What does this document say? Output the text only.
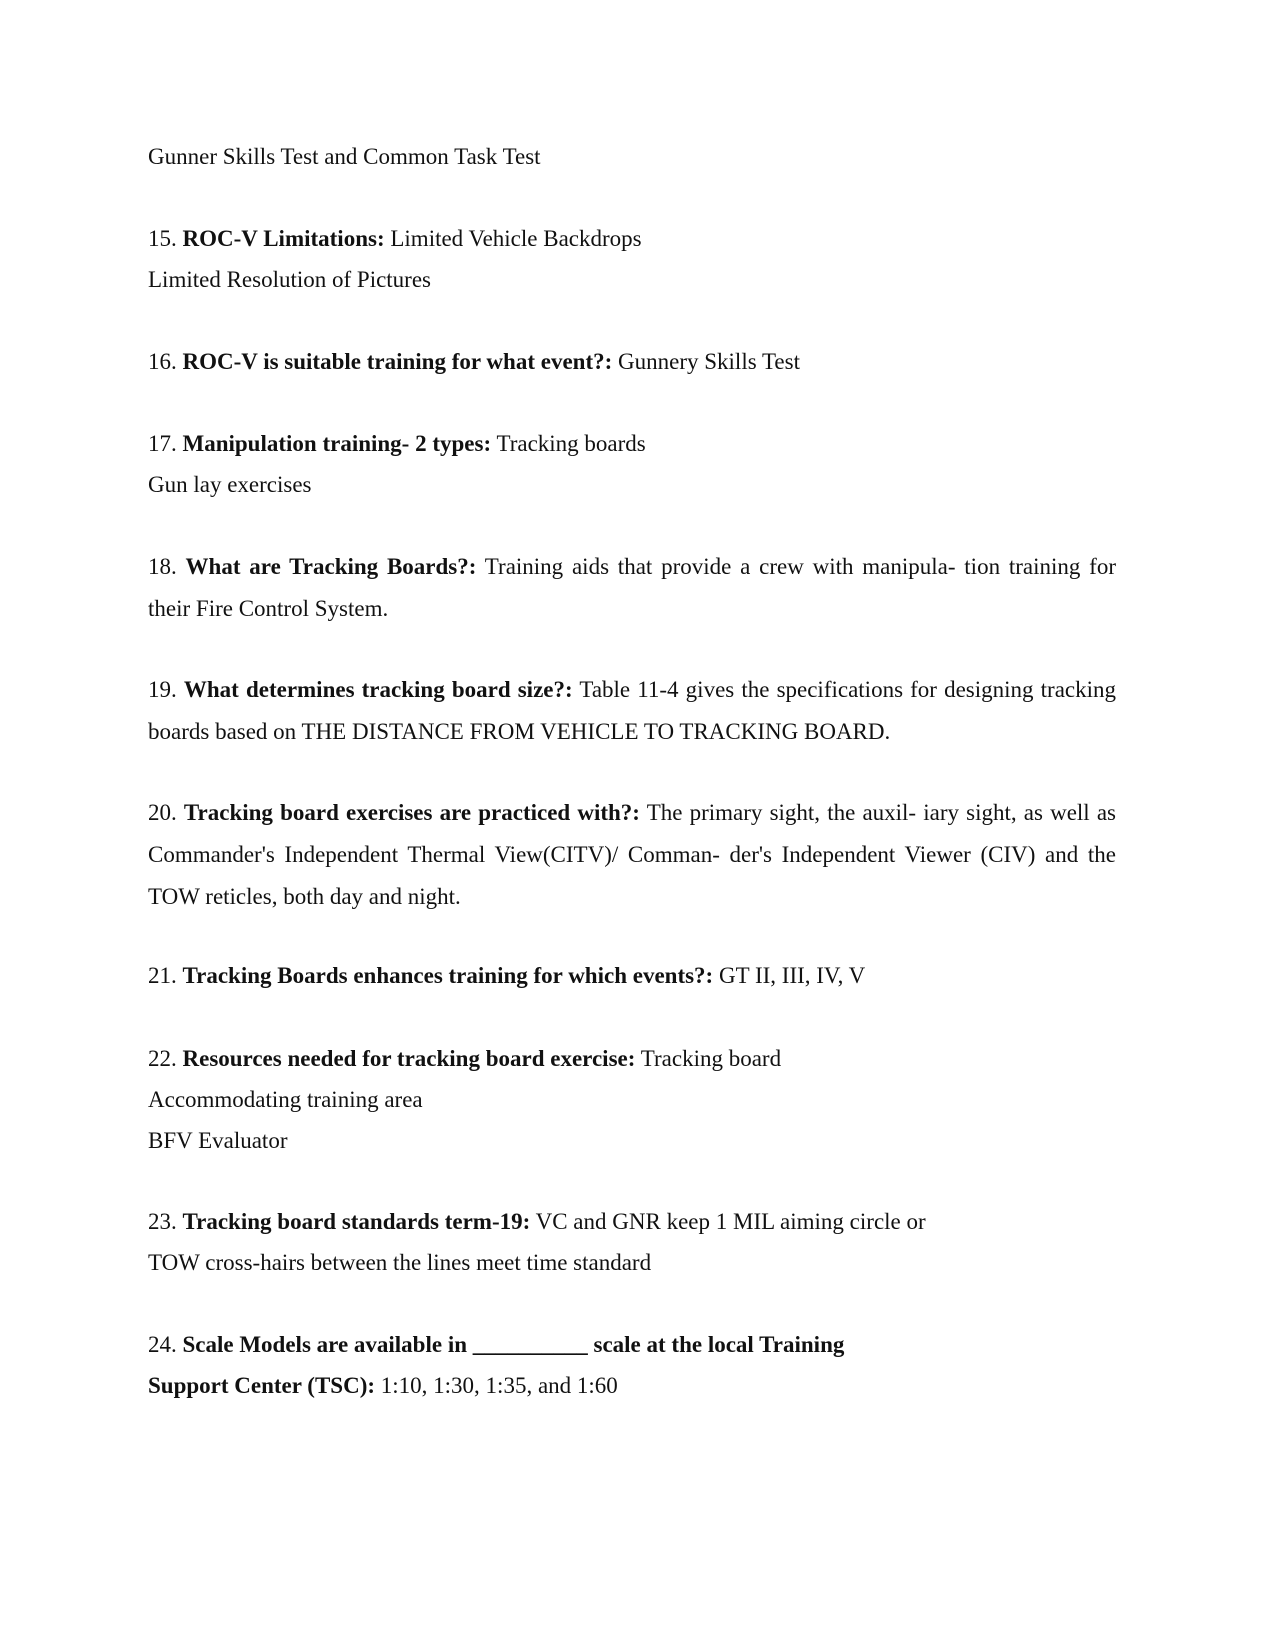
Gunner Skills Test and Common Task Test
15. ROC-V Limitations: Limited Vehicle Backdrops
Limited Resolution of Pictures
16. ROC-V is suitable training for what event?: Gunnery Skills Test
17. Manipulation training- 2 types: Tracking boards
Gun lay exercises
18. What are Tracking Boards?: Training aids that provide a crew with manipula- tion training for their Fire Control System.
19. What determines tracking board size?: Table 11-4 gives the specifications for designing tracking boards based on THE DISTANCE FROM VEHICLE TO TRACKING BOARD.
20. Tracking board exercises are practiced with?: The primary sight, the auxil- iary sight, as well as Commander's Independent Thermal View(CITV)/ Comman- der's Independent Viewer (CIV) and the TOW reticles, both day and night.
21. Tracking Boards enhances training for which events?: GT II, III, IV, V
22. Resources needed for tracking board exercise: Tracking board
Accommodating training area
BFV Evaluator
23. Tracking board standards term-19: VC and GNR keep 1 MIL aiming circle or
TOW cross-hairs between the lines meet time standard
24. Scale Models are available in __________ scale at the local Training
Support Center (TSC): 1:10, 1:30, 1:35, and 1:60
